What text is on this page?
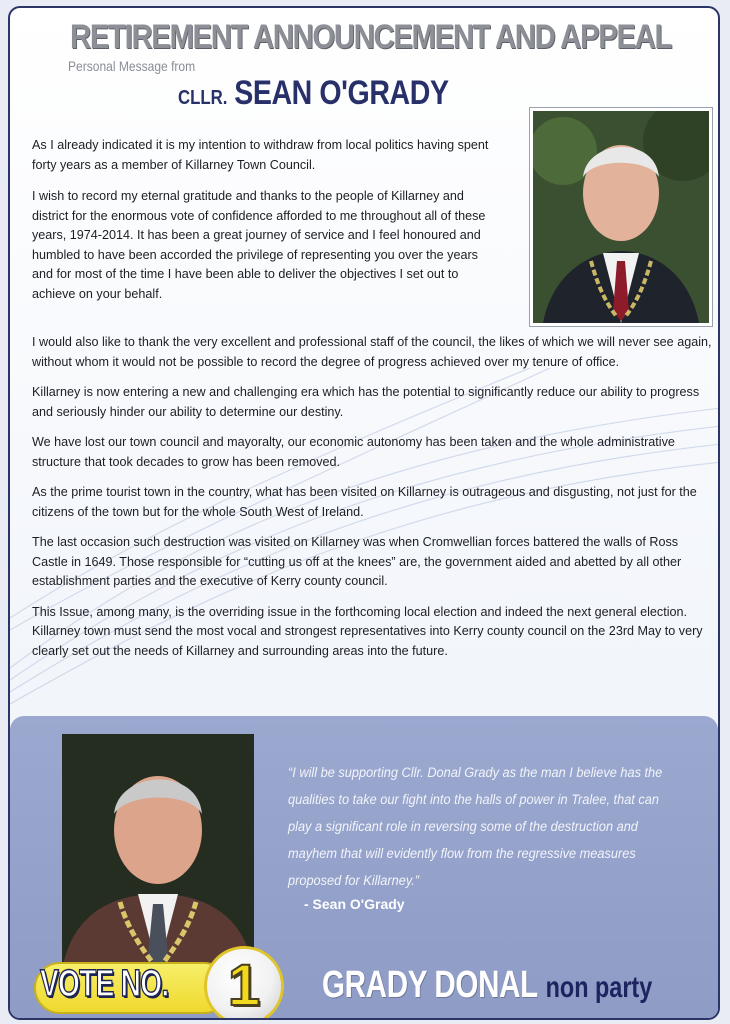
RETIREMENT ANNOUNCEMENT AND APPEAL
Personal Message from
CLLR. SEAN O'GRADY

As I already indicated it is my intention to withdraw from local politics having spent forty years as a member of Killarney Town Council.

I wish to record my eternal gratitude and thanks to the people of Killarney and district for the enormous vote of confidence afforded to me throughout all of these years, 1974-2014. It has been a great journey of service and I feel honoured and humbled to have been accorded the privilege of representing you over the years and for most of the time I have been able to deliver the objectives I set out to achieve on your behalf.

I would also like to thank the very excellent and professional staff of the council, the likes of which we will never see again, without whom it would not be possible to record the degree of progress achieved over my tenure of office.

Killarney is now entering a new and challenging era which has the potential to significantly reduce our ability to progress and seriously hinder our ability to determine our destiny.

We have lost our town council and mayoralty, our economic autonomy has been taken and the whole administrative structure that took decades to grow has been removed.

As the prime tourist town in the country, what has been visited on Killarney is outrageous and disgusting, not just for the citizens of the town but for the whole South West of Ireland.

The last occasion such destruction was visited on Killarney was when Cromwellian forces battered the walls of Ross Castle in 1649. Those responsible for “cutting us off at the knees” are, the government aided and abetted by all other establishment parties and the executive of Kerry county council.

This Issue, among many, is the overriding issue in the forthcoming local election and indeed the next general election. Killarney town must send the most vocal and strongest representatives into Kerry county council on the 23rd May to very clearly set out the needs of Killarney and surrounding areas into the future.

“I will be supporting Cllr. Donal Grady as the man I believe has the qualities to take our fight into the halls of power in Tralee, that can play a significant role in reversing some of the destruction and mayhem that will evidently flow from the regressive measures proposed for Killarney.”
- Sean O'Grady
VOTE NO.	1	GRADY DONAL non party
